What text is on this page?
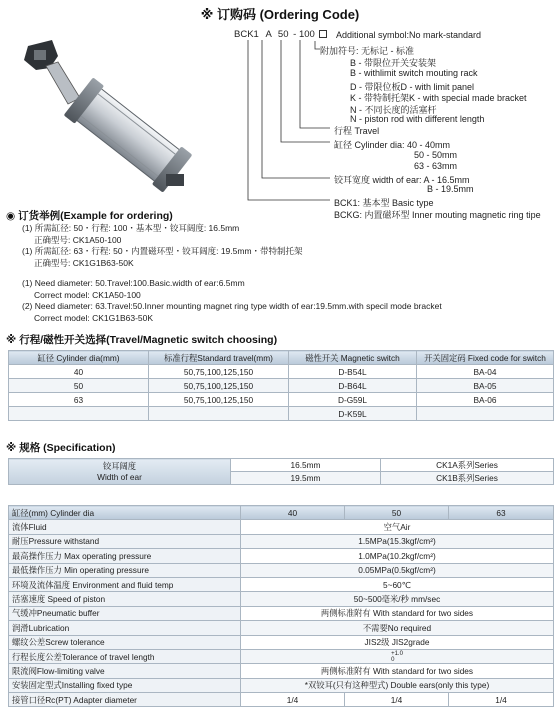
※ 订购码 (Ordering Code)
BCK1 A 50 - 100	Additional symbol:No mark-standard
附加符号: 无标记 - 标准
B - 带限位开关安装架
B - withlimit switch mouting rack
D - 带限位板D - with limit panel
K - 带特制托架K - with special made bracket
N - 不同长度的活塞杆
N - piston rod with different length
行程 Travel
缸径 Cylinder dia: 40 - 40mm
50 - 50mm
63 - 63mm
铰耳宽度 width of ear: A - 16.5mm
B - 19.5mm
BCK1: 基本型 Basic type
BCKG: 内置磁环型 Inner mouting magnetic ring tipe
◉ 订货举例(Example for ordering)
(1) 所需缸径: 50・行程: 100・基本型・铰耳阔度: 16.5mm
正确型号: CK1A50-100
(1) 所需缸径: 63・行程: 50・内置磁环型・铰耳阔度: 19.5mm・带特制托架
正确型号: CK1G1B63-50K
(1) Need diameter: 50.Travel:100.Basic.width of ear:6.5mm
Correct model: CK1A50-100
(2) Need diameter: 63.Travel:50.Inner mounting magnet ring type width of ear:19.5mm.with specil mode bracket
Correct model: CK1G1B63-50K
※ 行程/磁性开关选择(Travel/Magnetic switch choosing)
缸径 Cylinder dia(mm)	标准行程Standard travel(mm)	磁性开关 Magnetic switch	开关固定码 Fixed code for switch
40	50,75,100,125,150	D-B54L	BA-04
50	50,75,100,125,150	D-B64L	BA-05
63	50,75,100,125,150	D-G59L	BA-06
		D-K59L	
※ 规格 (Specification)
铰耳阔度
Width of ear	16.5mm	CK1A系列Series
	19.5mm	CK1B系列Series
缸径(mm) Cylinder dia	40	50	63
流体Fluid	空气Air		
耐压Pressure withstand	1.5MPa(15.3kgf/cm²)		
最高操作压力 Max operating pressure	1.0MPa(10.2kgf/cm²)		
最低操作压力 Min operating pressure	0.05MPa(0.5kgf/cm²)		
环境及流体温度 Environment and fluid temp	5~60℃		
活塞速度 Speed of piston	50~500毫米/秒 mm/sec		
气缓冲Pneumatic buffer	两侧标准附有 With standard for two sides		
润滑Lubrication	不需要No required		
螺纹公差Screw tolerance	JIS2级 JIS2grade		
行程长度公差Tolerance of travel length	+1.0
0		
限流阀Flow-limiting valve	两侧标准附有 With standard for two sides		
安装固定型式Installing fixed type	*双铰耳(只有这种型式) Double ears(only this type)		
接管口径Rc(PT) Adapter diameter	1/4	1/4	1/4
